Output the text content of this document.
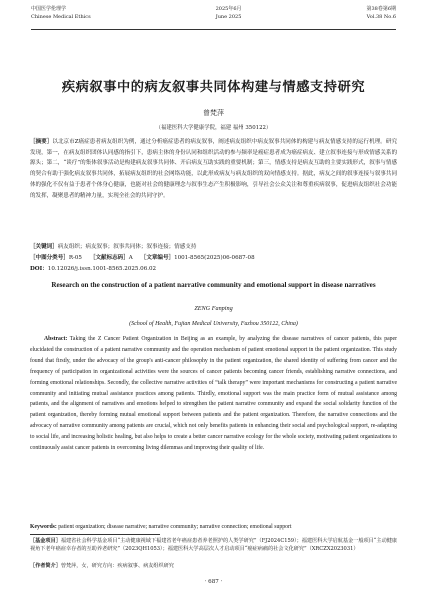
中国医学伦理学
Chinese Medical Ethics
2025年6月
June 2025
第38卷第6期
Vol.38 No.6
疾病叙事中的病友叙事共同体构建与情感支持研究
曾梵萍
（福建医科大学健康学院，福建 福州 350122）

［摘要］以北京市Z癌症患者病友组织为例，通过分析癌症患者的病友叙事，阐述病友组织中病友叙事共同体的构建与病友情感支持的运行机理。研究发现，第一，在病友组织团体认同感的指引下，患病主体的身份认同和组织活动的参与频率是癌症患者成为癌症病友、建立叙事连接与形成情感关系的源头；第二，“谈疗”的集体叙事活动是构建病友叙事共同体、开启病友互助实践的重要机制；第三，情感支持是病友互助的主要实践形式，叙事与情感的契合有助于强化病友叙事共同体，拓展病友组织的社会网络功能，以此形成病友与病友组织的双向情感支持。据此，病友之间的叙事连接与叙事共同体的强化不仅有益于患者个体身心健康，也能对社会的健康理念与叙事生态产生积极影响，引导社会公众关注和尊重疾病叙事，促进病友组织社会功能的发挥，凝聚患者的精神力量，实现全社会的共同守护。

［关键词］病友组织；病友叙事；叙事共同体；叙事连接；情感支持

［中图分类号］R-05 ［文献标志码］A ［文章编号］1001-8565(2025)06-0687-08
DOI：10.12026/j.issn.1001-8565.2025.06.02
Research on the construction of a patient narrative community and emotional support in disease narratives
ZENG Fanping
(School of Health, Fujian Medical University, Fuzhou 350122, China)

Abstract: Taking the Z Cancer Patient Organization in Beijing as an example, by analyzing the disease narratives of cancer patients, this paper elucidated the construction of a patient narrative community and the operation mechanism of patient emotional support in the patient organization. This study found that firstly, under the advocacy of the group's anti-cancer philosophy in the patient organization, the shared identity of suffering from cancer and the frequency of participation in organizational activities were the sources of cancer patients becoming cancer friends, establishing narrative connections, and forming emotional relationships. Secondly, the collective narrative activities of “talk therapy” were important mechanisms for constructing a patient narrative community and initiating mutual assistance practices among patients. Thirdly, emotional support was the main practice form of mutual assistance among patients, and the alignment of narratives and emotions helped to strengthen the patient narrative community and expand the social solidarity function of the patient organization, thereby forming mutual emotional support between patients and the patient organization. Therefore, the narrative connections and the advocacy of narrative community among patients are crucial, which not only benefits patients in enhancing their social and psychological support, re-adapting to social life, and increasing holistic healing, but also helps to create a better cancer narrative ecology for the whole society, motivating patient organizations to continuously assist cancer patients in overcoming living dilemmas and improving their quality of life.

Keywords: patient organization; disease narrative; narrative community; narrative connection; emotional support

［基金项目］福建省社会科学基金项目“主动健康视域下福建省老年癌症患者养老照护的人类学研究”（FJ2024C159）；福建医科大学启航基金一般项目“主动健康视角下老年癌症幸存者的互助养老研究”（2023QH1053）；福建医科大学高层次人才启动项目“癌症病痛的社会文化研究”（XRCZX2023031）

［作者简介］曾梵萍，女，研究方向：疾病叙事、病友组织研究

· 687 ·
